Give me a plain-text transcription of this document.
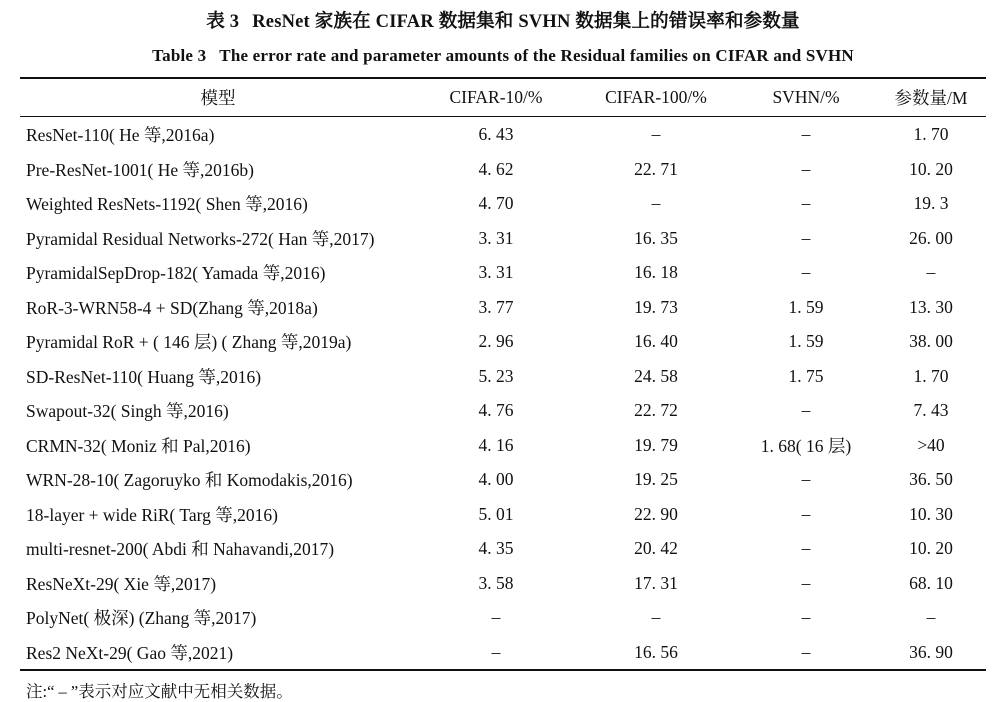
表 3 ResNet 家族在 CIFAR 数据集和 SVHN 数据集上的错误率和参数量
Table 3 The error rate and parameter amounts of the Residual families on CIFAR and SVHN
模型	CIFAR-10/%	CIFAR-100/%	SVHN/%	参数量/M
ResNet-110( He 等,2016a)	6. 43	–	–	1. 70
Pre-ResNet-1001( He 等,2016b)	4. 62	22. 71	–	10. 20
Weighted ResNets-1192( Shen 等,2016)	4. 70	–	–	19. 3
Pyramidal Residual Networks-272( Han 等,2017)	3. 31	16. 35	–	26. 00
PyramidalSepDrop-182( Yamada 等,2016)	3. 31	16. 18	–	–
RoR-3-WRN58-4 + SD(Zhang 等,2018a)	3. 77	19. 73	1. 59	13. 30
Pyramidal RoR + ( 146 层) ( Zhang 等,2019a)	2. 96	16. 40	1. 59	38. 00
SD-ResNet-110( Huang 等,2016)	5. 23	24. 58	1. 75	1. 70
Swapout-32( Singh 等,2016)	4. 76	22. 72	–	7. 43
CRMN-32( Moniz 和 Pal,2016)	4. 16	19. 79	1. 68( 16 层)	>40
WRN-28-10( Zagoruyko 和 Komodakis,2016)	4. 00	19. 25	–	36. 50
18-layer + wide RiR( Targ 等,2016)	5. 01	22. 90	–	10. 30
multi-resnet-200( Abdi 和 Nahavandi,2017)	4. 35	20. 42	–	10. 20
ResNeXt-29( Xie 等,2017)	3. 58	17. 31	–	68. 10
PolyNet( 极深) (Zhang 等,2017)	–	–	–	–
Res2 NeXt-29( Gao 等,2021)	–	16. 56	–	36. 90
注:“ – ”表示对应文献中无相关数据。
